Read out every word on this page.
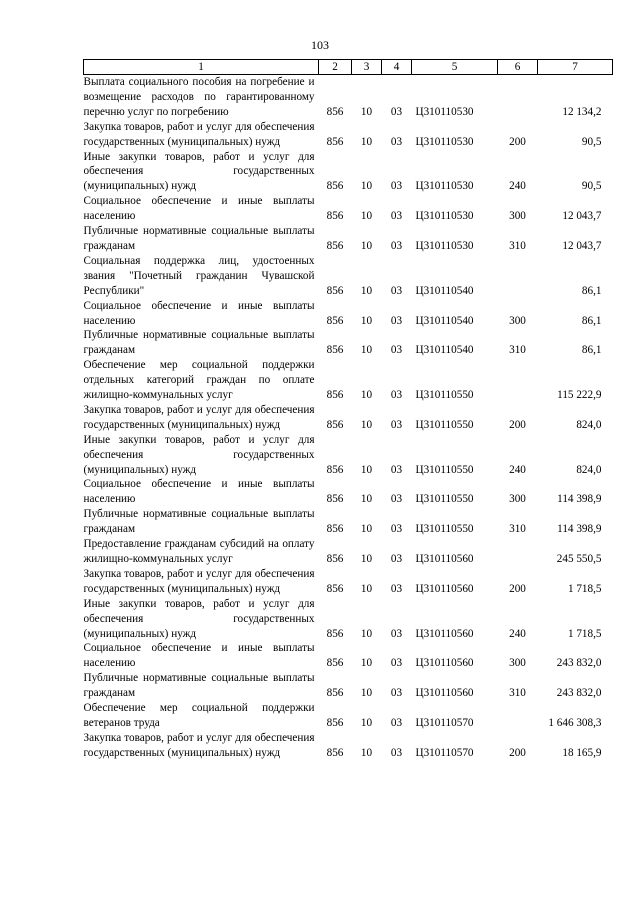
103
1	2	3	4	5	6	7
Выплата социального пособия на погребение и возмещение расходов по гарантированному перечню услуг по погребению	856	10	03	Ц310110530		12 134,2
Закупка товаров, работ и услуг для обеспечения государственных (муниципальных) нужд	856	10	03	Ц310110530	200	90,5
Иные закупки товаров, работ и услуг для обеспечения государственных (муниципальных) нужд	856	10	03	Ц310110530	240	90,5
Социальное обеспечение и иные выплаты населению	856	10	03	Ц310110530	300	12 043,7
Публичные нормативные социальные выплаты гражданам	856	10	03	Ц310110530	310	12 043,7
Социальная поддержка лиц, удостоенных звания "Почетный гражданин Чувашской Республики"	856	10	03	Ц310110540		86,1
Социальное обеспечение и иные выплаты населению	856	10	03	Ц310110540	300	86,1
Публичные нормативные социальные выплаты гражданам	856	10	03	Ц310110540	310	86,1
Обеспечение мер социальной поддержки отдельных категорий граждан по оплате жилищно-коммунальных услуг	856	10	03	Ц310110550		115 222,9
Закупка товаров, работ и услуг для обеспечения государственных (муниципальных) нужд	856	10	03	Ц310110550	200	824,0
Иные закупки товаров, работ и услуг для обеспечения государственных (муниципальных) нужд	856	10	03	Ц310110550	240	824,0
Социальное обеспечение и иные выплаты населению	856	10	03	Ц310110550	300	114 398,9
Публичные нормативные социальные выплаты гражданам	856	10	03	Ц310110550	310	114 398,9
Предоставление гражданам субсидий на оплату жилищно-коммунальных услуг	856	10	03	Ц310110560		245 550,5
Закупка товаров, работ и услуг для обеспечения государственных (муниципальных) нужд	856	10	03	Ц310110560	200	1 718,5
Иные закупки товаров, работ и услуг для обеспечения государственных (муниципальных) нужд	856	10	03	Ц310110560	240	1 718,5
Социальное обеспечение и иные выплаты населению	856	10	03	Ц310110560	300	243 832,0
Публичные нормативные социальные выплаты гражданам	856	10	03	Ц310110560	310	243 832,0
Обеспечение мер социальной поддержки ветеранов труда	856	10	03	Ц310110570		1 646 308,3
Закупка товаров, работ и услуг для обеспечения государственных (муниципальных) нужд	856	10	03	Ц310110570	200	18 165,9
